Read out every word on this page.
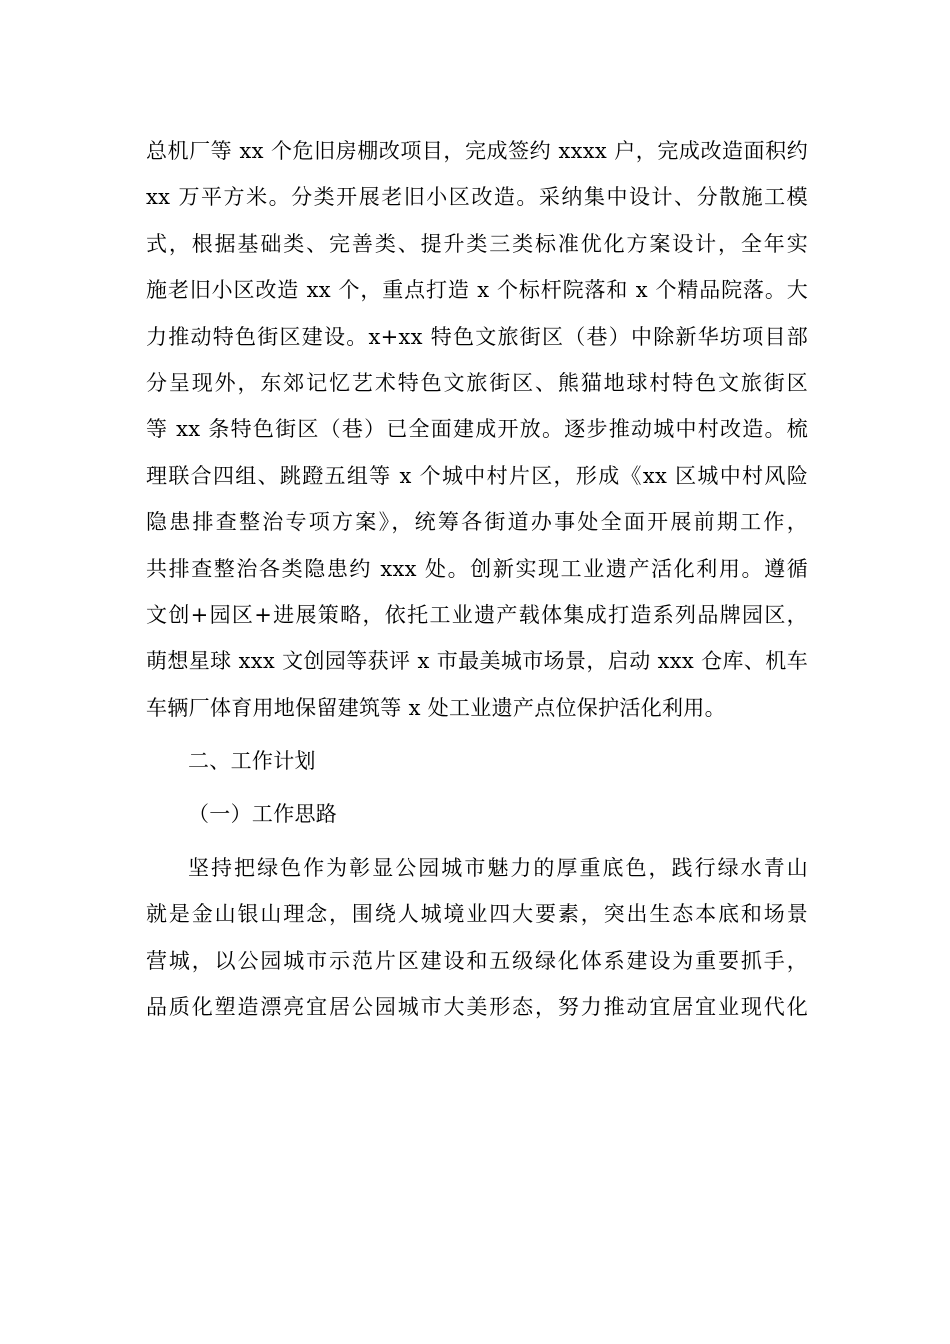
总机厂等 xx 个危旧房棚改项目，完成签约 xxxx 户，完成改造面积约
xx 万平方米。分类开展老旧小区改造。采纳集中设计、分散施工模
式，根据基础类、完善类、提升类三类标准优化方案设计，全年实
施老旧小区改造 xx 个，重点打造 x 个标杆院落和 x 个精品院落。大
力推动特色街区建设。x+xx 特色文旅街区（巷）中除新华坊项目部
分呈现外，东郊记忆艺术特色文旅街区、熊猫地球村特色文旅街区
等 xx 条特色街区（巷）已全面建成开放。逐步推动城中村改造。梳
理联合四组、跳蹬五组等 x 个城中村片区，形成《xx 区城中村风险
隐患排查整治专项方案》，统筹各街道办事处全面开展前期工作，
共排查整治各类隐患约 xxx 处。创新实现工业遗产活化利用。遵循
文创+园区+进展策略，依托工业遗产载体集成打造系列品牌园区，
萌想星球 xxx 文创园等获评 x 市最美城市场景，启动 xxx 仓库、机车
车辆厂体育用地保留建筑等 x 处工业遗产点位保护活化利用。
二、工作计划
（一）工作思路
坚持把绿色作为彰显公园城市魅力的厚重底色，践行绿水青山
就是金山银山理念，围绕人城境业四大要素，突出生态本底和场景
营城，以公园城市示范片区建设和五级绿化体系建设为重要抓手，
品质化塑造漂亮宜居公园城市大美形态，努力推动宜居宜业现代化
